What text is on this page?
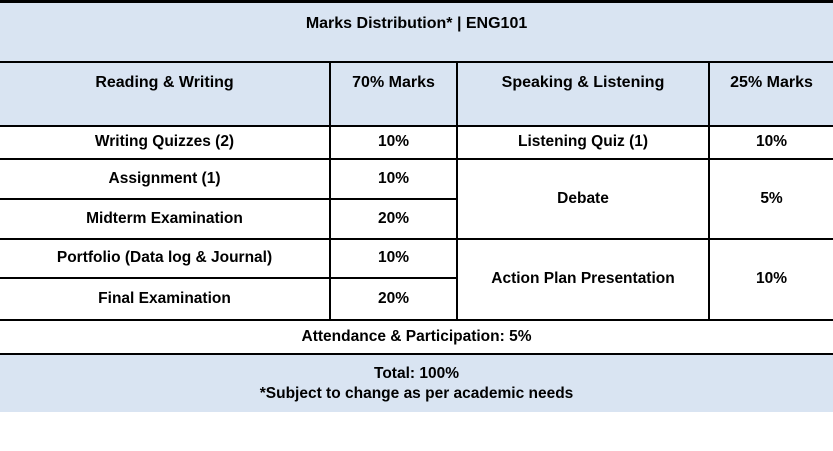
Marks Distribution* | ENG101			
Reading & Writing	70% Marks	Speaking & Listening	25% Marks
Writing Quizzes (2)	10%	Listening Quiz (1)	10%
Assignment (1)	10%	Debate	5%
Midterm Examination	20%		
Portfolio (Data log & Journal)	10%	Action Plan Presentation	10%
Final Examination	20%		
Attendance & Participation: 5%			

Total: 100%
*Subject to change as per academic needs			
